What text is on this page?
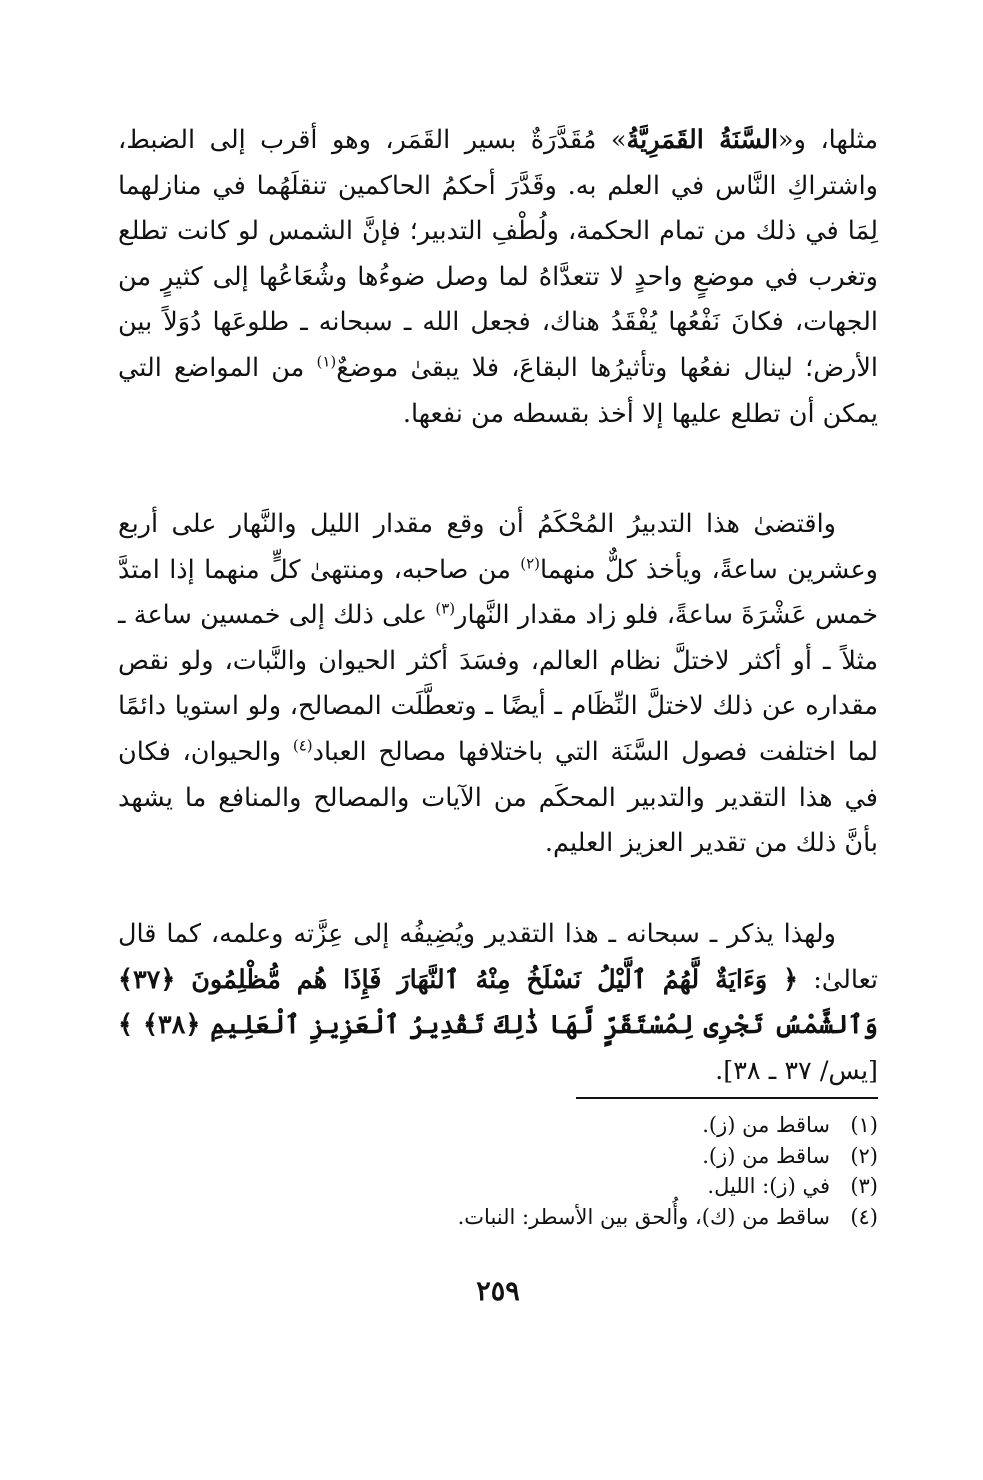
مثلها، و«السَّنَةُ القَمَرِيَّةُ» مُقَدَّرَةٌ بسير القَمَر، وهو أقرب إلى الضبط، واشتراكِ النَّاس في العلم به. وقَدَّرَ أحكمُ الحاكمين تنقلَهُما في منازلهما لِمَا في ذلك من تمام الحكمة، ولُطْفِ التدبير؛ فإنَّ الشمس لو كانت تطلع وتغرب في موضعٍ واحدٍ لا تتعدَّاهُ لما وصل ضوءُها وشُعَاعُها إلى كثيرٍ من الجهات، فكانَ نَفْعُها يُفْقَدُ هناك، فجعل الله ـ سبحانه ـ طلوعَها دُوَلاً بين الأرض؛ لينال نفعُها وتأثيرُها البقاعَ، فلا يبقىٰ موضعٌ$^{(١)}$ من المواضع التي يمكن أن تطلع عليها إلا أخذ بقسطه من نفعها.

واقتضىٰ هذا التدبيرُ المُحْكَمُ أن وقع مقدار الليل والنَّهار على أربع وعشرين ساعةً، ويأخذ كلٌّ منهما$^{(٢)}$ من صاحبه، ومنتهىٰ كلٍّ منهما إذا امتدَّ خمس عَشْرَةَ ساعةً، فلو زاد مقدار النَّهار$^{(٣)}$ على ذلك إلى خمسين ساعة ـ مثلاً ـ أو أكثر لاختلَّ نظام العالم، وفسَدَ أكثر الحيوان والنَّبات، ولو نقص مقداره عن ذلك لاختلَّ النِّظَام ـ أيضًا ـ وتعطَّلَت المصالح، ولو استويا دائمًا لما اختلفت فصول السَّنَة التي باختلافها مصالح العباد$^{(٤)}$ والحيوان، فكان في هذا التقدير والتدبير المحكَم من الآيات والمصالح والمنافع ما يشهد بأنَّ ذلك من تقدير العزيز العليم.

ولهذا يذكر ـ سبحانه ـ هذا التقدير ويُضِيفُه إلى عِزَّته وعلمه، كما قال تعالىٰ: ﴿ وَءَايَةٌ لَّهُمُ ٱلَّيْلُ نَسْلَخُ مِنْهُ ٱلنَّهَارَ فَإِذَا هُم مُّظْلِمُونَ ﴿٣٧﴾ وَٱلشَّمْسُ تَجْرِى لِمُسْتَقَرٍّ لَّهَا ذَٰلِكَ تَقْدِيرُ ٱلْعَزِيزِ ٱلْعَلِيمِ ﴿٣٨﴾ ﴾ [يس/ ٣٧ ـ ٣٨].

(١)ساقط من (ز).
(٢)ساقط من (ز).
(٣)في (ز): الليل.
(٤)ساقط من (ك)، وأُلحق بين الأسطر: النبات.
٢٥٩
